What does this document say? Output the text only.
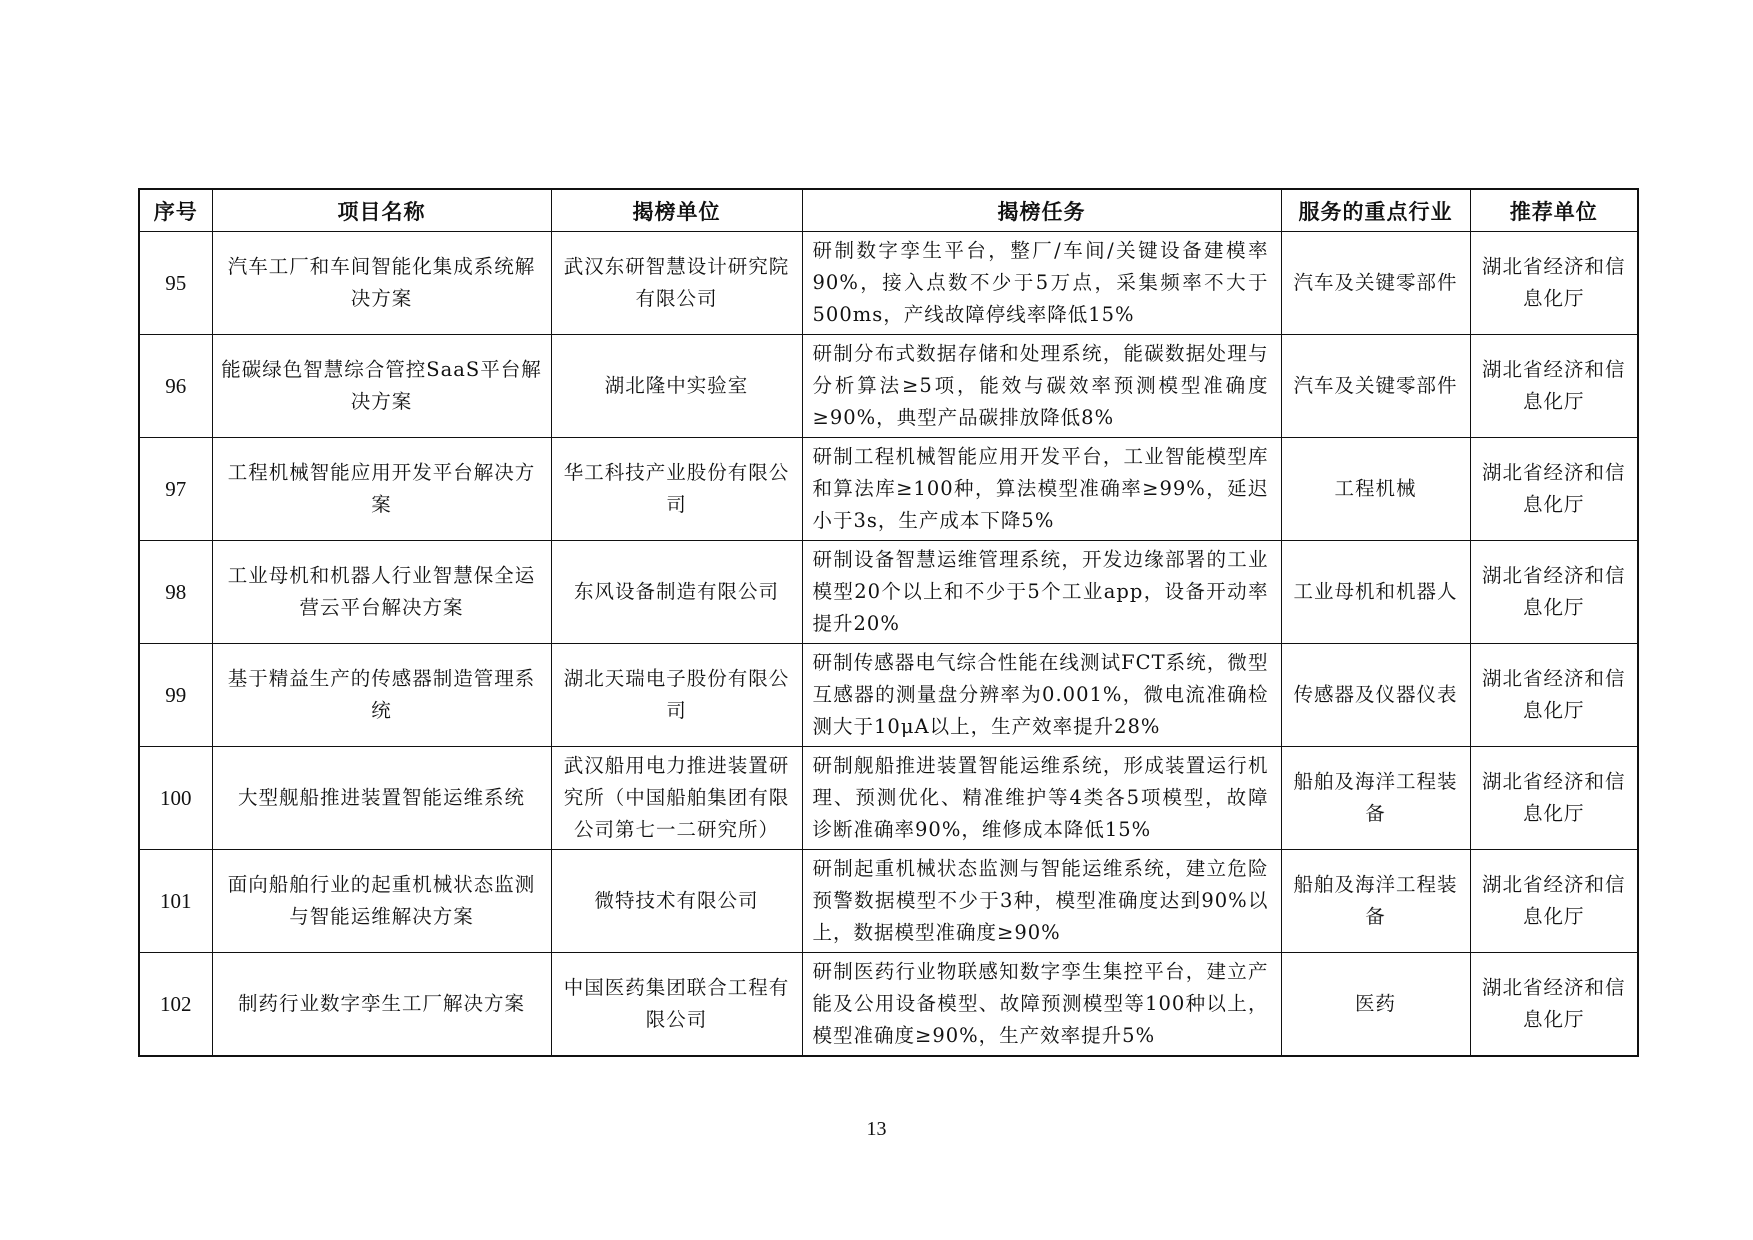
序号	项目名称	揭榜单位	揭榜任务	服务的重点行业	推荐单位
95	汽车工厂和车间智能化集成系统解决方案	武汉东研智慧设计研究院有限公司	研制数字孪生平台，整厂/车间/关键设备建模率90%，接入点数不少于5万点，采集频率不大于500ms，产线故障停线率降低15%	汽车及关键零部件	湖北省经济和信息化厅
96	能碳绿色智慧综合管控SaaS平台解决方案	湖北隆中实验室	研制分布式数据存储和处理系统，能碳数据处理与分析算法≥5项，能效与碳效率预测模型准确度≥90%，典型产品碳排放降低8%	汽车及关键零部件	湖北省经济和信息化厅
97	工程机械智能应用开发平台解决方案	华工科技产业股份有限公司	研制工程机械智能应用开发平台，工业智能模型库和算法库≥100种，算法模型准确率≥99%，延迟小于3s，生产成本下降5%	工程机械	湖北省经济和信息化厅
98	工业母机和机器人行业智慧保全运营云平台解决方案	东风设备制造有限公司	研制设备智慧运维管理系统，开发边缘部署的工业模型20个以上和不少于5个工业app，设备开动率提升20%	工业母机和机器人	湖北省经济和信息化厅
99	基于精益生产的传感器制造管理系统	湖北天瑞电子股份有限公司	研制传感器电气综合性能在线测试FCT系统，微型互感器的测量盘分辨率为0.001%，微电流准确检测大于10μA以上，生产效率提升28%	传感器及仪器仪表	湖北省经济和信息化厅
100	大型舰船推进装置智能运维系统	武汉船用电力推进装置研究所（中国船舶集团有限公司第七一二研究所）	研制舰船推进装置智能运维系统，形成装置运行机理、预测优化、精准维护等4类各5项模型，故障诊断准确率90%，维修成本降低15%	船舶及海洋工程装备	湖北省经济和信息化厅
101	面向船舶行业的起重机械状态监测与智能运维解决方案	微特技术有限公司	研制起重机械状态监测与智能运维系统，建立危险预警数据模型不少于3种，模型准确度达到90%以上，数据模型准确度≥90%	船舶及海洋工程装备	湖北省经济和信息化厅
102	制药行业数字孪生工厂解决方案	中国医药集团联合工程有限公司	研制医药行业物联感知数字孪生集控平台，建立产能及公用设备模型、故障预测模型等100种以上，模型准确度≥90%，生产效率提升5%	医药	湖北省经济和信息化厅
13
